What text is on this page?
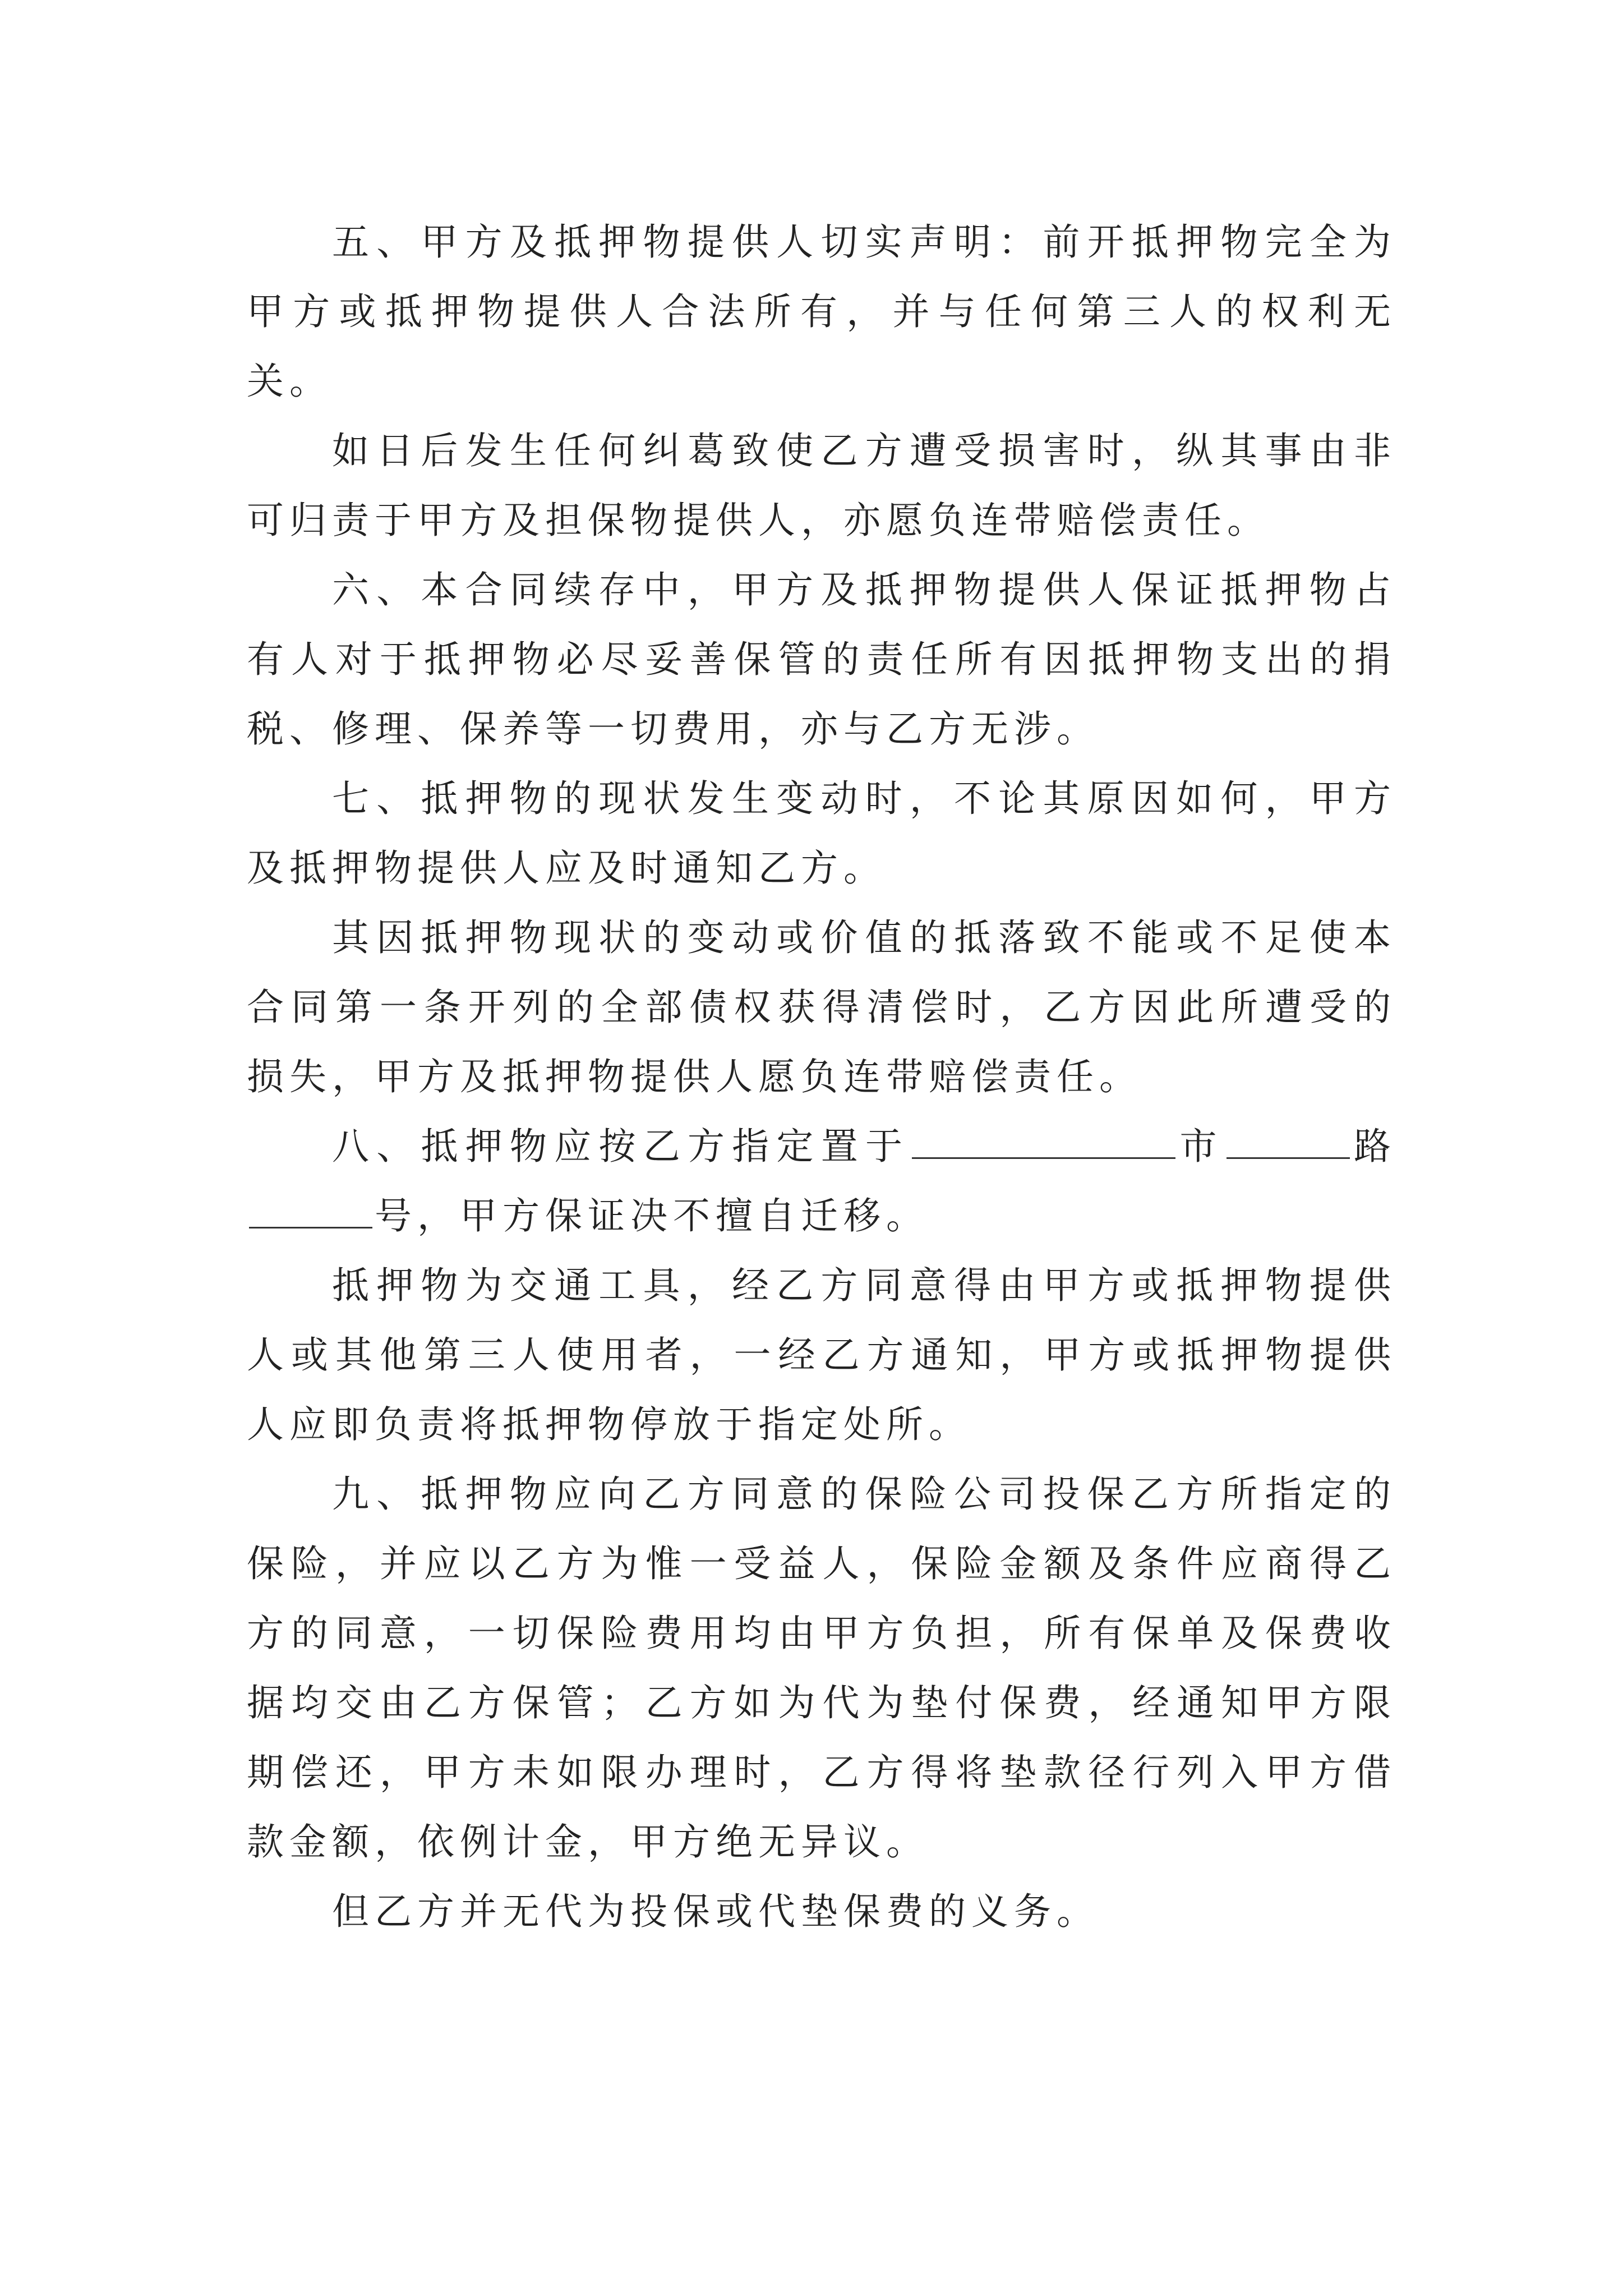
五、甲方及抵押物提供人切实声明：前开抵押物完全为甲方或抵押物提供人合法所有，并与任何第三人的权利无关。

如日后发生任何纠葛致使乙方遭受损害时，纵其事由非可归责于甲方及担保物提供人，亦愿负连带赔偿责任。

六、本合同续存中，甲方及抵押物提供人保证抵押物占有人对于抵押物必尽妥善保管的责任所有因抵押物支出的捐税、修理、保养等一切费用，亦与乙方无涉。

七、抵押物的现状发生变动时，不论其原因如何，甲方及抵押物提供人应及时通知乙方。

其因抵押物现状的变动或价值的抵落致不能或不足使本合同第一条开列的全部债权获得清偿时，乙方因此所遭受的损失，甲方及抵押物提供人愿负连带赔偿责任。

八、抵押物应按乙方指定置于	市	路号，甲方保证决不擅自迁移。

抵押物为交通工具，经乙方同意得由甲方或抵押物提供人或其他第三人使用者，一经乙方通知，甲方或抵押物提供人应即负责将抵押物停放于指定处所。

九、抵押物应向乙方同意的保险公司投保乙方所指定的保险，并应以乙方为惟一受益人，保险金额及条件应商得乙方的同意，一切保险费用均由甲方负担，所有保单及保费收据均交由乙方保管；乙方如为代为垫付保费，经通知甲方限期偿还，甲方未如限办理时，乙方得将垫款径行列入甲方借款金额，依例计金，甲方绝无异议。

但乙方并无代为投保或代垫保费的义务。
